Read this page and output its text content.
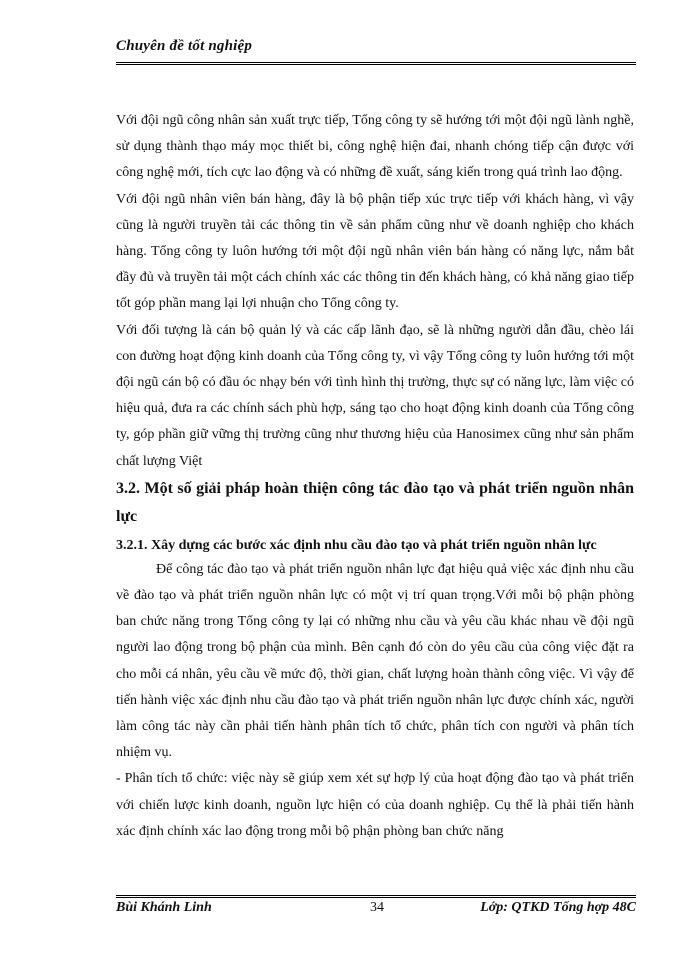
Chuyên đề tốt nghiệp

Với đội ngũ công nhân sản xuất trực tiếp, Tổng công ty sẽ hướng tới một đội ngũ lành nghề, sử dụng thành thạo máy mọc thiết bi, công nghệ hiện đai, nhanh chóng tiếp cận được với công nghệ mới, tích cực lao động và có những đề xuất, sáng kiến trong quá trình lao động.

Với đội ngũ nhân viên bán hàng, đây là bộ phận tiếp xúc trực tiếp với khách hàng, vì vậy cũng là người truyền tải các thông tin về sản phẩm cũng như về doanh nghiệp cho khách hàng. Tổng công ty luôn hướng tới một đội ngũ nhân viên bán hàng có năng lực, nắm bắt đầy đủ và truyền tải một cách chính xác các thông tin đến khách hàng, có khả năng giao tiếp tốt góp phần mang lại lợi nhuận cho Tổng công ty.

Với đối tượng là cán bộ quản lý và các cấp lãnh đạo, sẽ là những người dẫn đầu, chèo lái con đường hoạt động kinh doanh của Tổng công ty, vì vậy Tổng công ty luôn hướng tới một đội ngũ cán bộ có đầu óc nhạy bén với tình hình thị trường, thực sự có năng lực, làm việc có hiệu quả, đưa ra các chính sách phù hợp, sáng tạo cho hoạt động kinh doanh của Tổng công ty, góp phần giữ vững thị trường cũng như thương hiệu của Hanosimex cũng như sản phẩm chất lượng Việt

3.2. Một số giải pháp hoàn thiện công tác đào tạo và phát triển nguồn nhân lực
3.2.1. Xây dựng các bước xác định nhu cầu đào tạo và phát triển nguồn nhân lực

Để công tác đào tạo và phát triển nguồn nhân lực đạt hiệu quả việc xác định nhu cầu về đào tạo và phát triển nguồn nhân lực có một vị trí quan trọng.Với mỗi bộ phận phòng ban chức năng trong Tổng công ty lại có những nhu cầu và yêu cầu khác nhau về đội ngũ người lao động trong bộ phận của mình. Bên cạnh đó còn do yêu cầu của công việc đặt ra cho mỗi cá nhân, yêu cầu về mức độ, thời gian, chất lượng hoàn thành công việc. Vì vậy để tiến hành việc xác định nhu cầu đào tạo và phát triển nguồn nhân lực được chính xác, người làm công tác này cần phải tiến hành phân tích tổ chức, phân tích con người và phân tích nhiệm vụ.

- Phân tích tổ chức: việc này sẽ giúp xem xét sự hợp lý của hoạt động đào tạo và phát triển với chiến lược kinh doanh, nguồn lực hiện có của doanh nghiệp. Cụ thể là phải tiến hành xác định chính xác lao động trong mỗi bộ phận phòng ban chức năng

Bùi Khánh Linh	34	Lớp: QTKD Tổng hợp 48C
